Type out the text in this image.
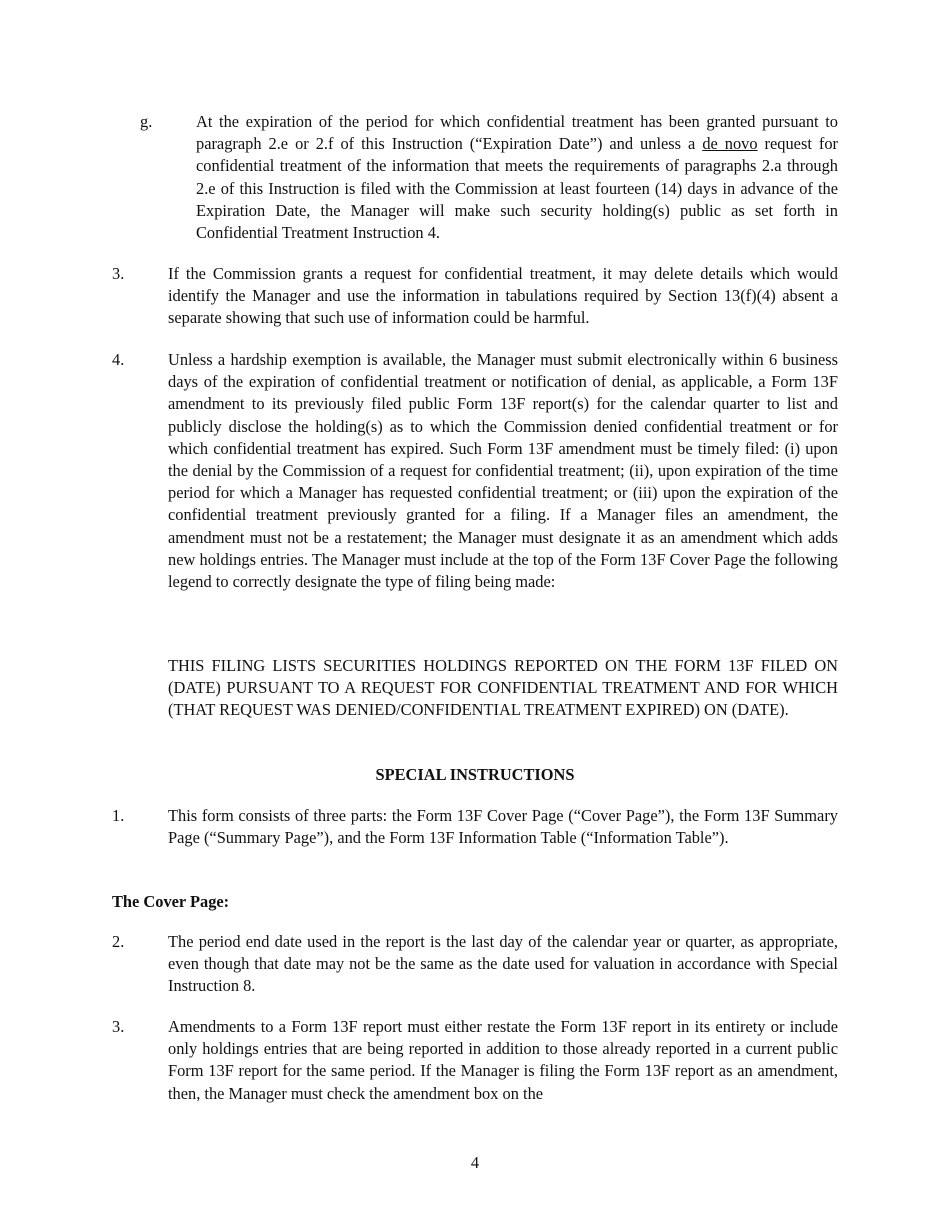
g.	At the expiration of the period for which confidential treatment has been granted pursuant to paragraph 2.e or 2.f of this Instruction (“Expiration Date”) and unless a de novo request for confidential treatment of the information that meets the requirements of paragraphs 2.a through 2.e of this Instruction is filed with the Commission at least fourteen (14) days in advance of the Expiration Date, the Manager will make such security holding(s) public as set forth in Confidential Treatment Instruction 4.
3.	If the Commission grants a request for confidential treatment, it may delete details which would identify the Manager and use the information in tabulations required by Section 13(f)(4) absent a separate showing that such use of information could be harmful.
4.	Unless a hardship exemption is available, the Manager must submit electronically within 6 business days of the expiration of confidential treatment or notification of denial, as applicable, a Form 13F amendment to its previously filed public Form 13F report(s) for the calendar quarter to list and publicly disclose the holding(s) as to which the Commission denied confidential treatment or for which confidential treatment has expired. Such Form 13F amendment must be timely filed: (i) upon the denial by the Commission of a request for confidential treatment; (ii), upon expiration of the time period for which a Manager has requested confidential treatment; or (iii) upon the expiration of the confidential treatment previously granted for a filing. If a Manager files an amendment, the amendment must not be a restatement; the Manager must designate it as an amendment which adds new holdings entries. The Manager must include at the top of the Form 13F Cover Page the following legend to correctly designate the type of filing being made:
THIS FILING LISTS SECURITIES HOLDINGS REPORTED ON THE FORM 13F FILED ON (DATE) PURSUANT TO A REQUEST FOR CONFIDENTIAL TREATMENT AND FOR WHICH (THAT REQUEST WAS DENIED/CONFIDENTIAL TREATMENT EXPIRED) ON (DATE).
SPECIAL INSTRUCTIONS
1.	This form consists of three parts: the Form 13F Cover Page (“Cover Page”), the Form 13F Summary Page (“Summary Page”), and the Form 13F Information Table (“Information Table”).
The Cover Page:
2.	The period end date used in the report is the last day of the calendar year or quarter, as appropriate, even though that date may not be the same as the date used for valuation in accordance with Special Instruction 8.
3.	Amendments to a Form 13F report must either restate the Form 13F report in its entirety or include only holdings entries that are being reported in addition to those already reported in a current public Form 13F report for the same period. If the Manager is filing the Form 13F report as an amendment, then, the Manager must check the amendment box on the
4
